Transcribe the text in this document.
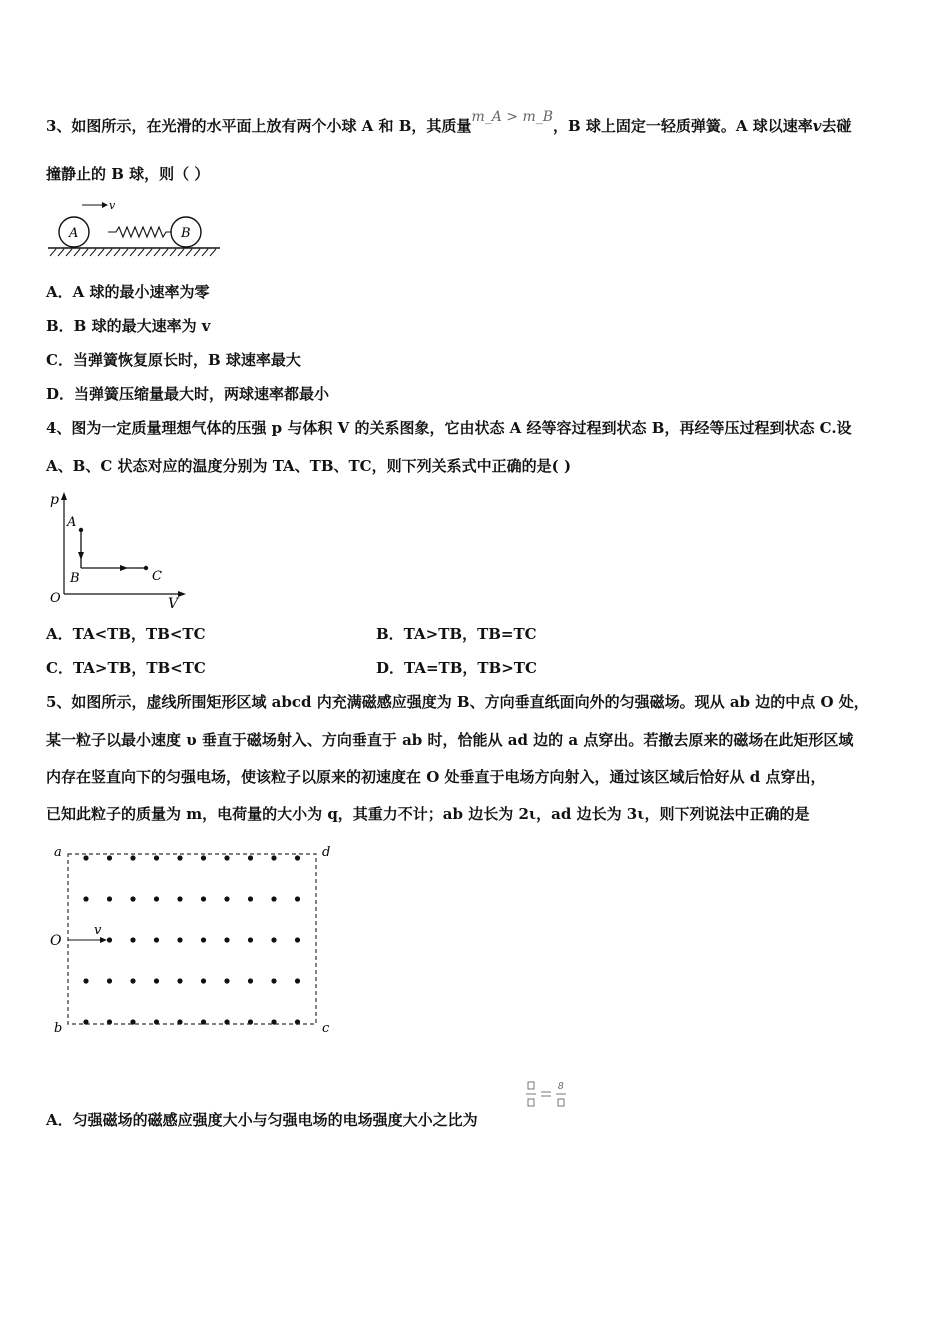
3、如图所示，在光滑的水平面上放有两个小球 A 和 B，其质量m_A > m_B，B 球上固定一轻质弹簧。A 球以速率v去碰
撞静止的 B 球，则（ ）
A	B
v
A．A 球的最小速率为零
B．B 球的最大速率为 v
C．当弹簧恢复原长时，B 球速率最大
D．当弹簧压缩量最大时，两球速率都最小
4、图为一定质量理想气体的压强 p 与体积 V 的关系图象，它由状态 A 经等容过程到状态 B，再经等压过程到状态 C.设
A、B、C 状态对应的温度分别为 TA、TB、TC，则下列关系式中正确的是( )
p
V
O
A
B	C
A．TA<TB，TB<TC	B．TA>TB，TB=TC
C．TA>TB，TB<TC	D．TA=TB，TB>TC
5、如图所示，虚线所围矩形区域 abcd 内充满磁感应强度为 B、方向垂直纸面向外的匀强磁场。现从 ab 边的中点 O 处，
某一粒子以最小速度 υ 垂直于磁场射入、方向垂直于 ab 时，恰能从 ad 边的 a 点穿出。若撤去原来的磁场在此矩形区域
内存在竖直向下的匀强电场，使该粒子以原来的初速度在 O 处垂直于电场方向射入，通过该区域后恰好从 d 点穿出，
已知此粒子的质量为 m，电荷量的大小为 q，其重力不计；ab 边长为 2ι，ad 边长为 3ι，则下列说法中正确的是
a	d
b	c
O
v
8
A．匀强磁场的磁感应强度大小与匀强电场的电场强度大小之比为
